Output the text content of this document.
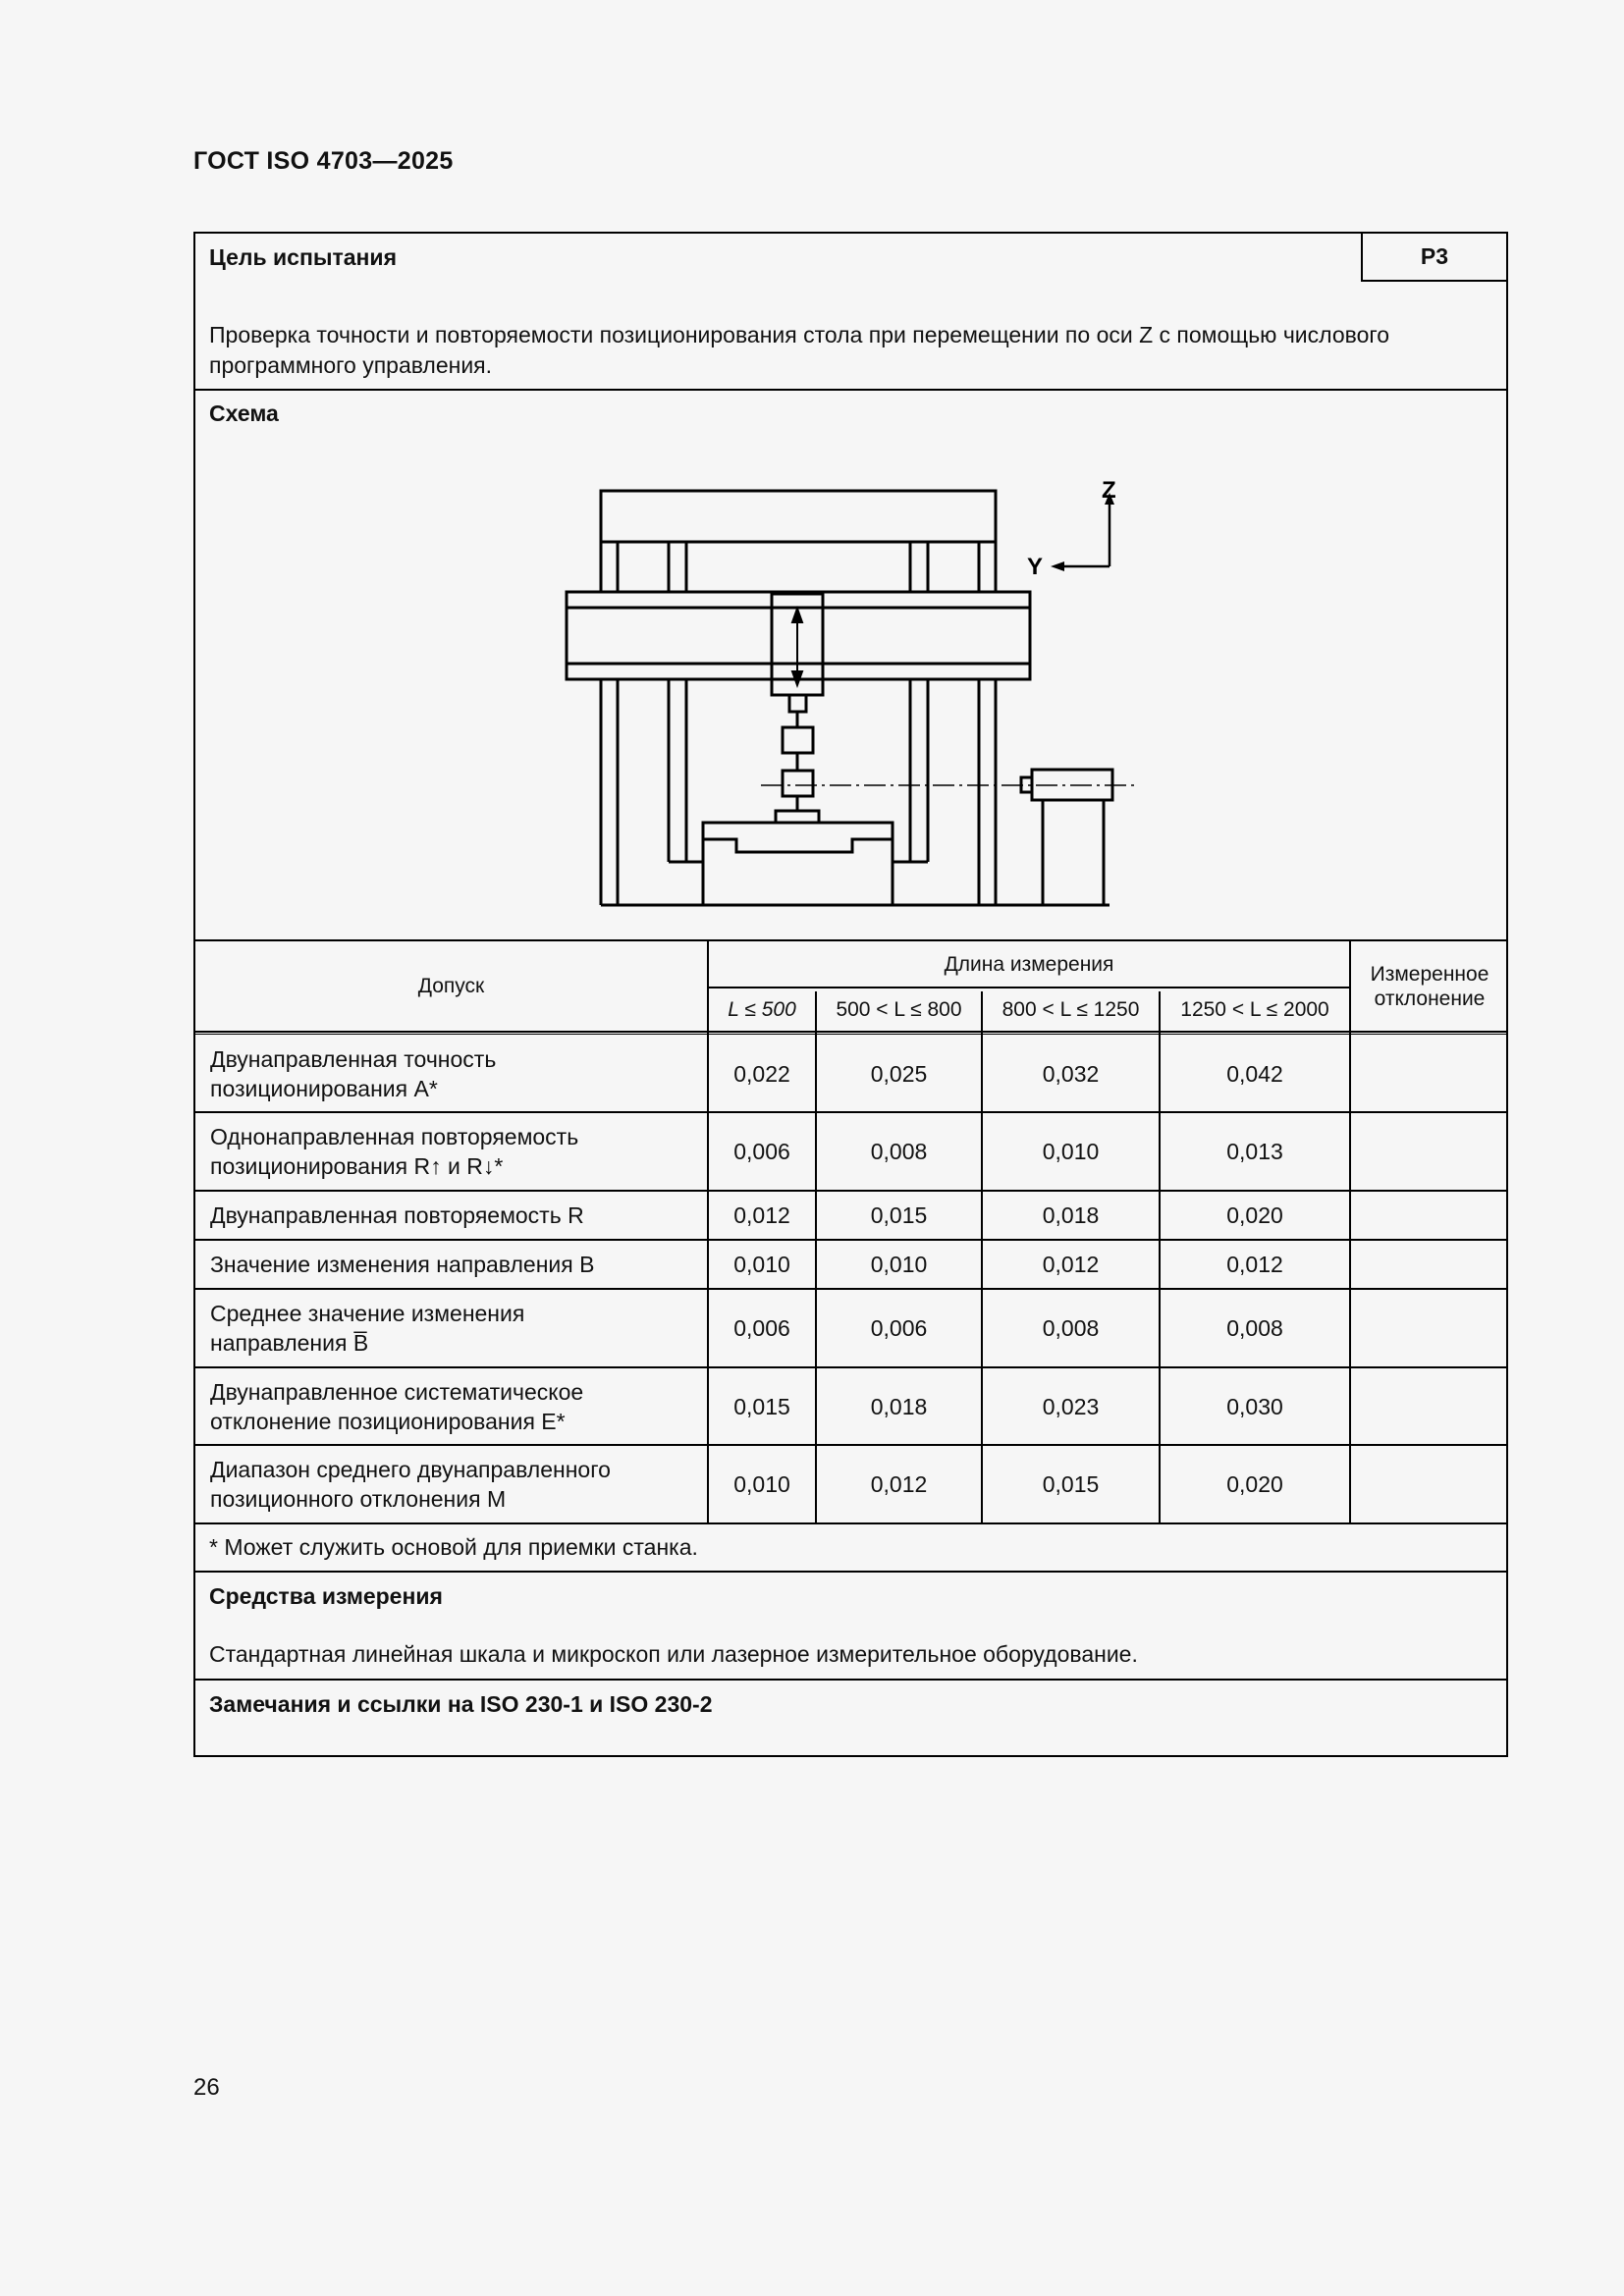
ГОСТ ISO 4703—2025
Цель испытания	P3
Проверка точности и повторяемости позиционирования стола при перемещении по оси Z с помощью числового
программного управления.
Схема
Z
Y
Допуск
Длина измерения
L ≤ 500	500 < L ≤ 800	800 < L ≤ 1250	1250 < L ≤ 2000
Измеренное
отклонение
Двунаправленная точность
позиционирования A*
0,022	0,025	0,032	0,042
Однонаправленная повторяемость
позиционирования R↑ и R↓*
0,006	0,008	0,010	0,013
Двунаправленная повторяемость R	0,012	0,015	0,018	0,020
Значение изменения направления B	0,010	0,010	0,012	0,012
Среднее значение изменения
направления B̅
0,006	0,006	0,008	0,008
Двунаправленное систематическое
отклонение позиционирования E*
0,015	0,018	0,023	0,030
Диапазон среднего двунаправленного
позиционного отклонения M
0,010	0,012	0,015	0,020
* Может служить основой для приемки станка.
Средства измерения
Стандартная линейная шкала и микроскоп или лазерное измерительное оборудование.
Замечания и ссылки на ISO 230-1 и ISO 230-2
26
